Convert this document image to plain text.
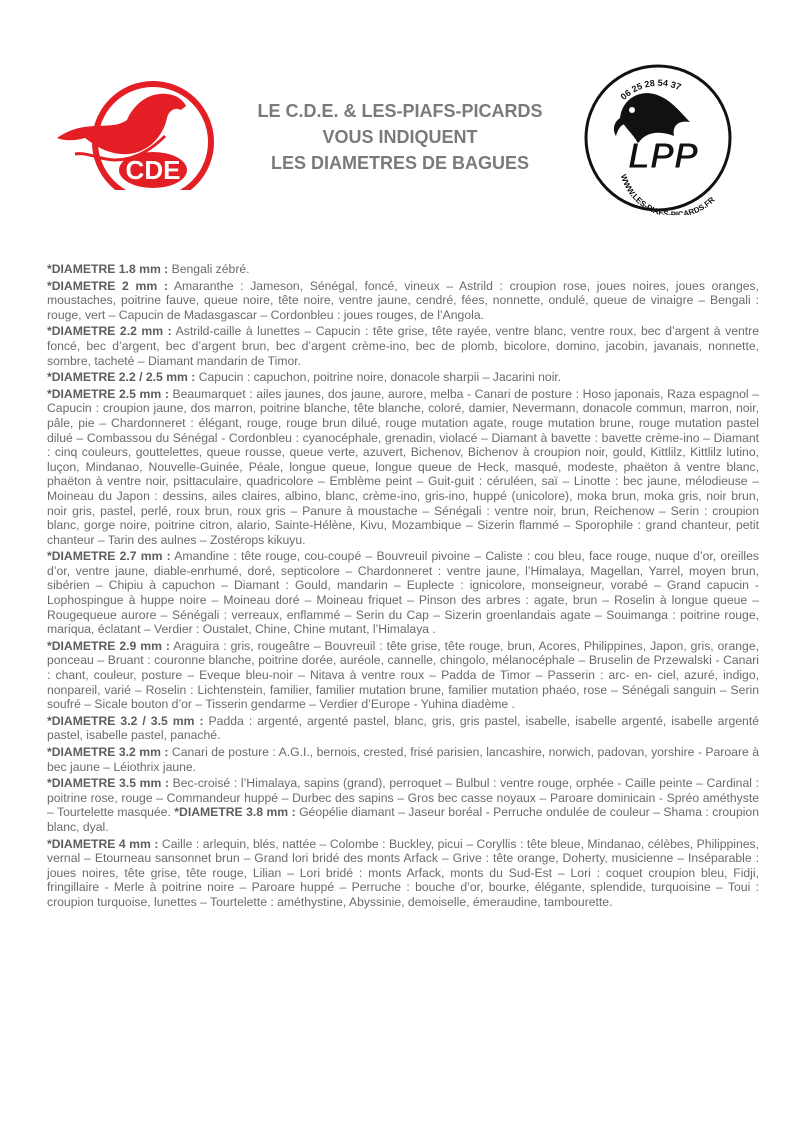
CDE
LE C.D.E. & LES-PIAFS-PICARDS
VOUS INDIQUENT
LES DIAMETRES DE BAGUES
06 25 28 54 37
WWW.LES-PIAFS-PICARDS.FR
LPP

*DIAMETRE 1.8 mm : Bengali zébré.

*DIAMETRE 2 mm : Amaranthe : Jameson, Sénégal, foncé, vineux – Astrild : croupion rose, joues noires, joues oranges, moustaches, poitrine fauve, queue noire, tête noire, ventre jaune, cendré, fées, nonnette, ondulé, queue de vinaigre – Bengali : rouge, vert – Capucin de Madasgascar – Cordonbleu : joues rouges, de l’Angola.

*DIAMETRE 2.2 mm : Astrild-caille à lunettes – Capucin : tête grise, tête rayée, ventre blanc, ventre roux, bec d’argent à ventre foncé, bec d’argent, bec d’argent brun, bec d’argent crème-ino, bec de plomb, bicolore, domino, jacobin, javanais, nonnette, sombre, tacheté – Diamant mandarin de Timor.

*DIAMETRE 2.2 / 2.5 mm : Capucin : capuchon, poitrine noire, donacole sharpii – Jacarini noir.

*DIAMETRE 2.5 mm : Beaumarquet : ailes jaunes, dos jaune, aurore, melba - Canari de posture : Hoso japonais, Raza espagnol – Capucin : croupion jaune, dos marron, poitrine blanche, tête blanche, coloré, damier, Nevermann, donacole commun, marron, noir, pâle, pie – Chardonneret : élégant, rouge, rouge brun dilué, rouge mutation agate, rouge mutation brune, rouge mutation pastel dilué – Combassou du Sénégal - Cordonbleu : cyanocéphale, grenadin, violacé – Diamant à bavette : bavette crème-ino – Diamant : cinq couleurs, gouttelettes, queue rousse, queue verte, azuvert, Bichenov, Bichenov à croupion noir, gould, Kittlilz, Kittlilz lutino, luçon, Mindanao, Nouvelle-Guinée, Péale, longue queue, longue queue de Heck, masqué, modeste, phaëton à ventre blanc, phaëton à ventre noir, psittaculaire, quadricolore – Emblème peint – Guit-guit : céruléen, saï – Linotte : bec jaune, mélodieuse – Moineau du Japon : dessins, ailes claires, albino, blanc, crème-ino, gris-ino, huppé (unicolore), moka brun, moka gris, noir brun, noir gris, pastel, perlé, roux brun, roux gris – Panure à moustache – Sénégali : ventre noir, brun, Reichenow – Serin : croupion blanc, gorge noire, poitrine citron, alario, Sainte-Hélène, Kivu, Mozambique – Sizerin flammé – Sporophile : grand chanteur, petit chanteur – Tarin des aulnes – Zostérops kikuyu.

*DIAMETRE 2.7 mm : Amandine : tête rouge, cou-coupé – Bouvreuil pivoine – Caliste : cou bleu, face rouge, nuque d’or, oreilles d’or, ventre jaune, diable-enrhumé, doré, septicolore – Chardonneret : ventre jaune, l’Himalaya, Magellan, Yarrel, moyen brun, sibérien – Chipiu à capuchon – Diamant : Gould, mandarin – Euplecte : ignicolore, monseigneur, vorabé – Grand capucin - Lophospingue à huppe noire – Moineau doré – Moineau friquet – Pinson des arbres : agate, brun – Roselin à longue queue – Rougequeue aurore – Sénégali : verreaux, enflammé – Serin du Cap – Sizerin groenlandais agate – Souimanga : poitrine rouge, mariqua, éclatant – Verdier : Oustalet, Chine, Chine mutant, l’Himalaya .

*DIAMETRE 2.9 mm : Araguira : gris, rougeâtre – Bouvreuil : tête grise, tête rouge, brun, Acores, Philippines, Japon, gris, orange, ponceau – Bruant : couronne blanche, poitrine dorée, auréole, cannelle, chingolo, mélanocéphale – Bruselin de Przewalski - Canari : chant, couleur, posture – Eveque bleu-noir – Nitava à ventre roux – Padda de Timor – Passerin : arc- en- ciel, azuré, indigo, nonpareil, varié – Roselin : Lichtenstein, familier, familier mutation brune, familier mutation phaéo, rose – Sénégali sanguin – Serin soufré – Sicale bouton d’or – Tisserin gendarme – Verdier d’Europe - Yuhina diadème .

*DIAMETRE 3.2 / 3.5 mm : Padda : argenté, argenté pastel, blanc, gris, gris pastel, isabelle, isabelle argenté, isabelle argenté pastel, isabelle pastel, panaché.

*DIAMETRE 3.2 mm : Canari de posture : A.G.I., bernois, crested, frisé parisien, lancashire, norwich, padovan, yorshire - Paroare à bec jaune – Léiothrix jaune.

*DIAMETRE 3.5 mm : Bec-croisé : l’Himalaya, sapins (grand), perroquet – Bulbul : ventre rouge, orphée - Caille peinte – Cardinal : poitrine rose, rouge – Commandeur huppé – Durbec des sapins – Gros bec casse noyaux – Paroare dominicain - Spréo améthyste – Tourtelette masquée. *DIAMETRE 3.8 mm : Géopélie diamant – Jaseur boréal - Perruche ondulée de couleur – Shama : croupion blanc, dyal.

*DIAMETRE 4 mm : Caille : arlequin, blés, nattée – Colombe : Buckley, picui – Coryllis : tête bleue, Mindanao, célèbes, Philippines, vernal – Etourneau sansonnet brun – Grand lori bridé des monts Arfack – Grive : tête orange, Doherty, musicienne – Inséparable : joues noires, tête grise, tête rouge, Lilian – Lori bridé : monts Arfack, monts du Sud-Est – Lori : coquet croupion bleu, Fidji, fringillaire - Merle à poitrine noire – Paroare huppé – Perruche : bouche d’or, bourke, élégante, splendide, turquoisine – Toui : croupion turquoise, lunettes – Tourtelette : améthystine, Abyssinie, demoiselle, émeraudine, tambourette.
